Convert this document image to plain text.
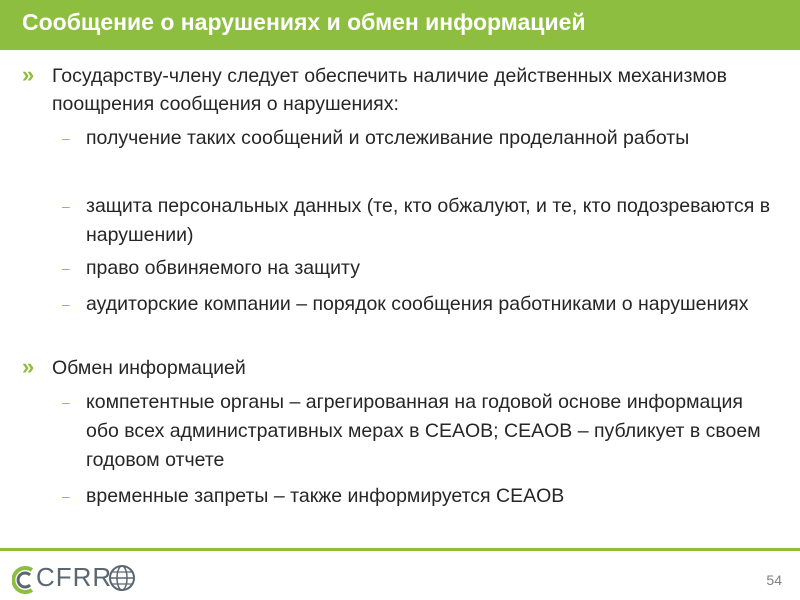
Сообщение о нарушениях и обмен информацией
» Государству-члену следует обеспечить наличие действенных механизмов поощрения сообщения о нарушениях:
– получение таких сообщений и отслеживание проделанной работы
– защита персональных данных (те, кто обжалуют, и те, кто подозреваются в нарушении)
– право обвиняемого на защиту
– аудиторские компании – порядок сообщения работниками о нарушениях
» Обмен информацией
– компетентные органы – агрегированная на годовой основе информация обо всех административных мерах в CEAOB; CEAOB – публикует в своем годовом отчете
– временные запреты – также информируется CEAOB
CFRR	54
